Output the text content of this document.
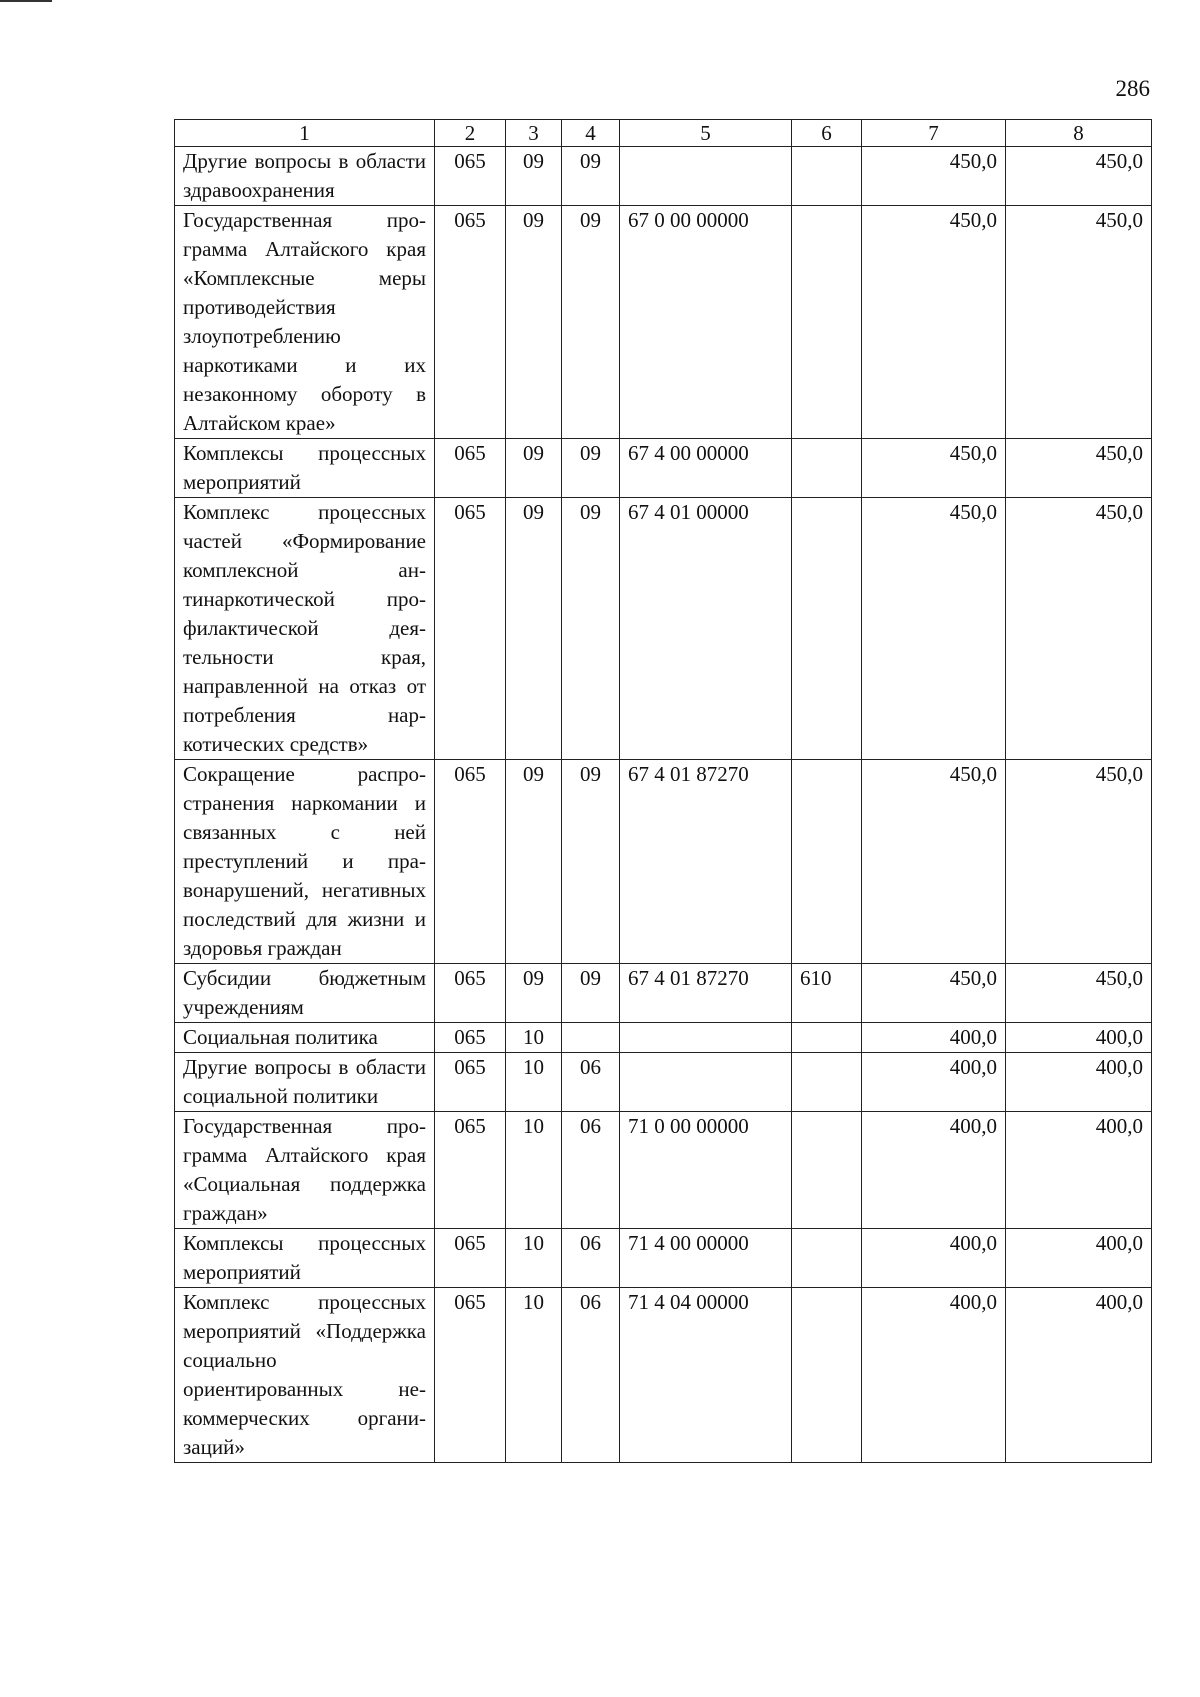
286
1	2	3	4	5	6	7	8
Другие вопросы в области здравоохранения	065	09	09			450,0	450,0
Государственная программа Алтайского края «Комплексные меры противодействия злоупотреблению наркотиками и их незаконному обороту в Алтайском крае»	065	09	09	67 0 00 00000		450,0	450,0
Комплексы процессных мероприятий	065	09	09	67 4 00 00000		450,0	450,0
Комплекс процессных частей «Формирование комплексной антинаркотической профилактической деятельности края, направленной на отказ от потребления наркотических средств»	065	09	09	67 4 01 00000		450,0	450,0
Сокращение распространения наркомании и связанных с ней преступлений и правонарушений, негативных последствий для жизни и здоровья граждан	065	09	09	67 4 01 87270		450,0	450,0
Субсидии бюджетным учреждениям	065	09	09	67 4 01 87270	610	450,0	450,0
Социальная политика	065	10				400,0	400,0
Другие вопросы в области социальной политики	065	10	06			400,0	400,0
Государственная программа Алтайского края «Социальная поддержка граждан»	065	10	06	71 0 00 00000		400,0	400,0
Комплексы процессных мероприятий	065	10	06	71 4 00 00000		400,0	400,0
Комплекс процессных мероприятий «Поддержка социально ориентированных некоммерческих организаций»	065	10	06	71 4 04 00000		400,0	400,0
